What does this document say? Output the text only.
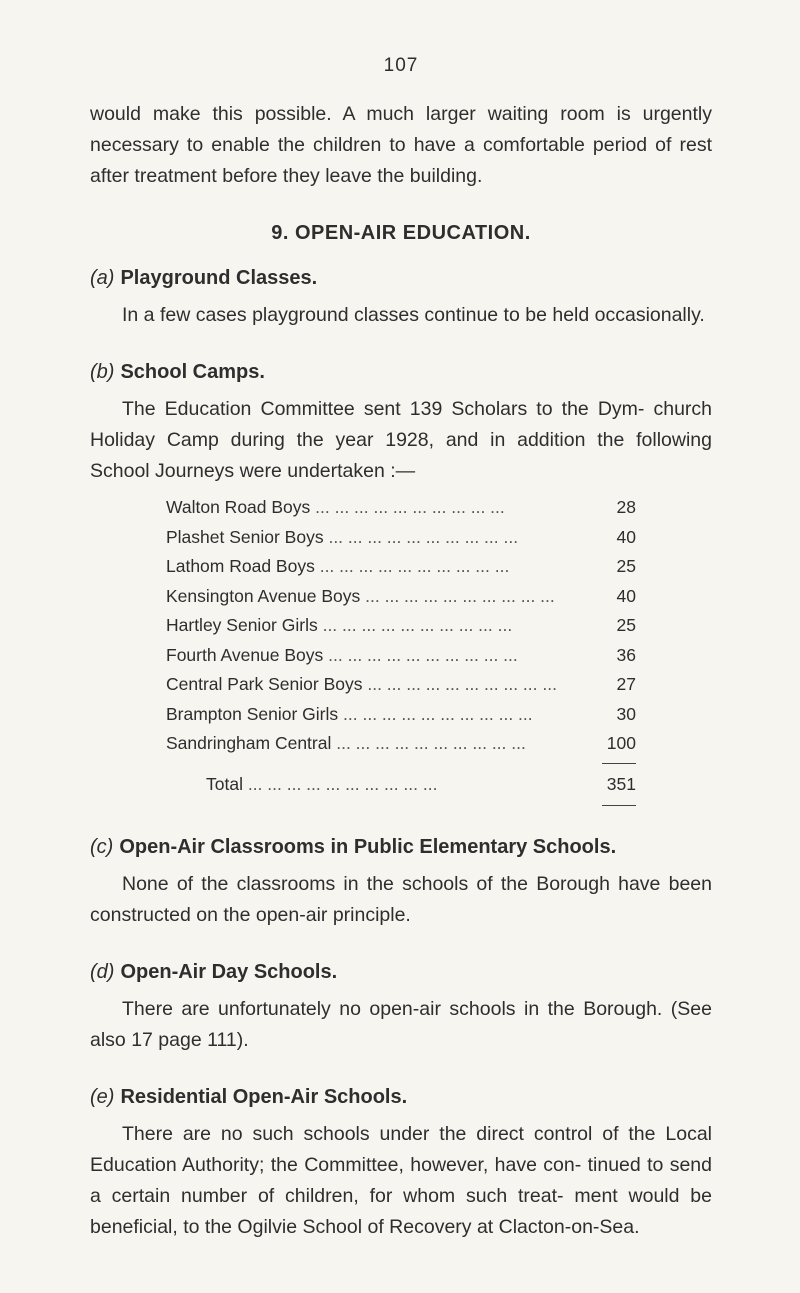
107

would make this possible. A much larger waiting room is urgently necessary to enable the children to have a comfortable period of rest after treatment before they leave the building.

9. OPEN-AIR EDUCATION.
(a) Playground Classes.

In a few cases playground classes continue to be held occasionally.

(b) School Camps.

The Education Committee sent 139 Scholars to the Dym- church Holiday Camp during the year 1928, and in addition the following School Journeys were undertaken :—

Walton Road Boys ...	28
Plashet Senior Boys ...	40
Lathom Road Boys ...	25
Kensington Avenue Boys ...	40
Hartley Senior Girls ...	25
Fourth Avenue Boys ...	36
Central Park Senior Boys ...	27
Brampton Senior Girls ...	30
Sandringham Central ...	100
Total ...	351
(c) Open-Air Classrooms in Public Elementary Schools.

None of the classrooms in the schools of the Borough have been constructed on the open-air principle.

(d) Open-Air Day Schools.

There are unfortunately no open-air schools in the Borough. (See also 17 page 111).

(e) Residential Open-Air Schools.

There are no such schools under the direct control of the Local Education Authority; the Committee, however, have con- tinued to send a certain number of children, for whom such treat- ment would be beneficial, to the Ogilvie School of Recovery at Clacton-on-Sea.
